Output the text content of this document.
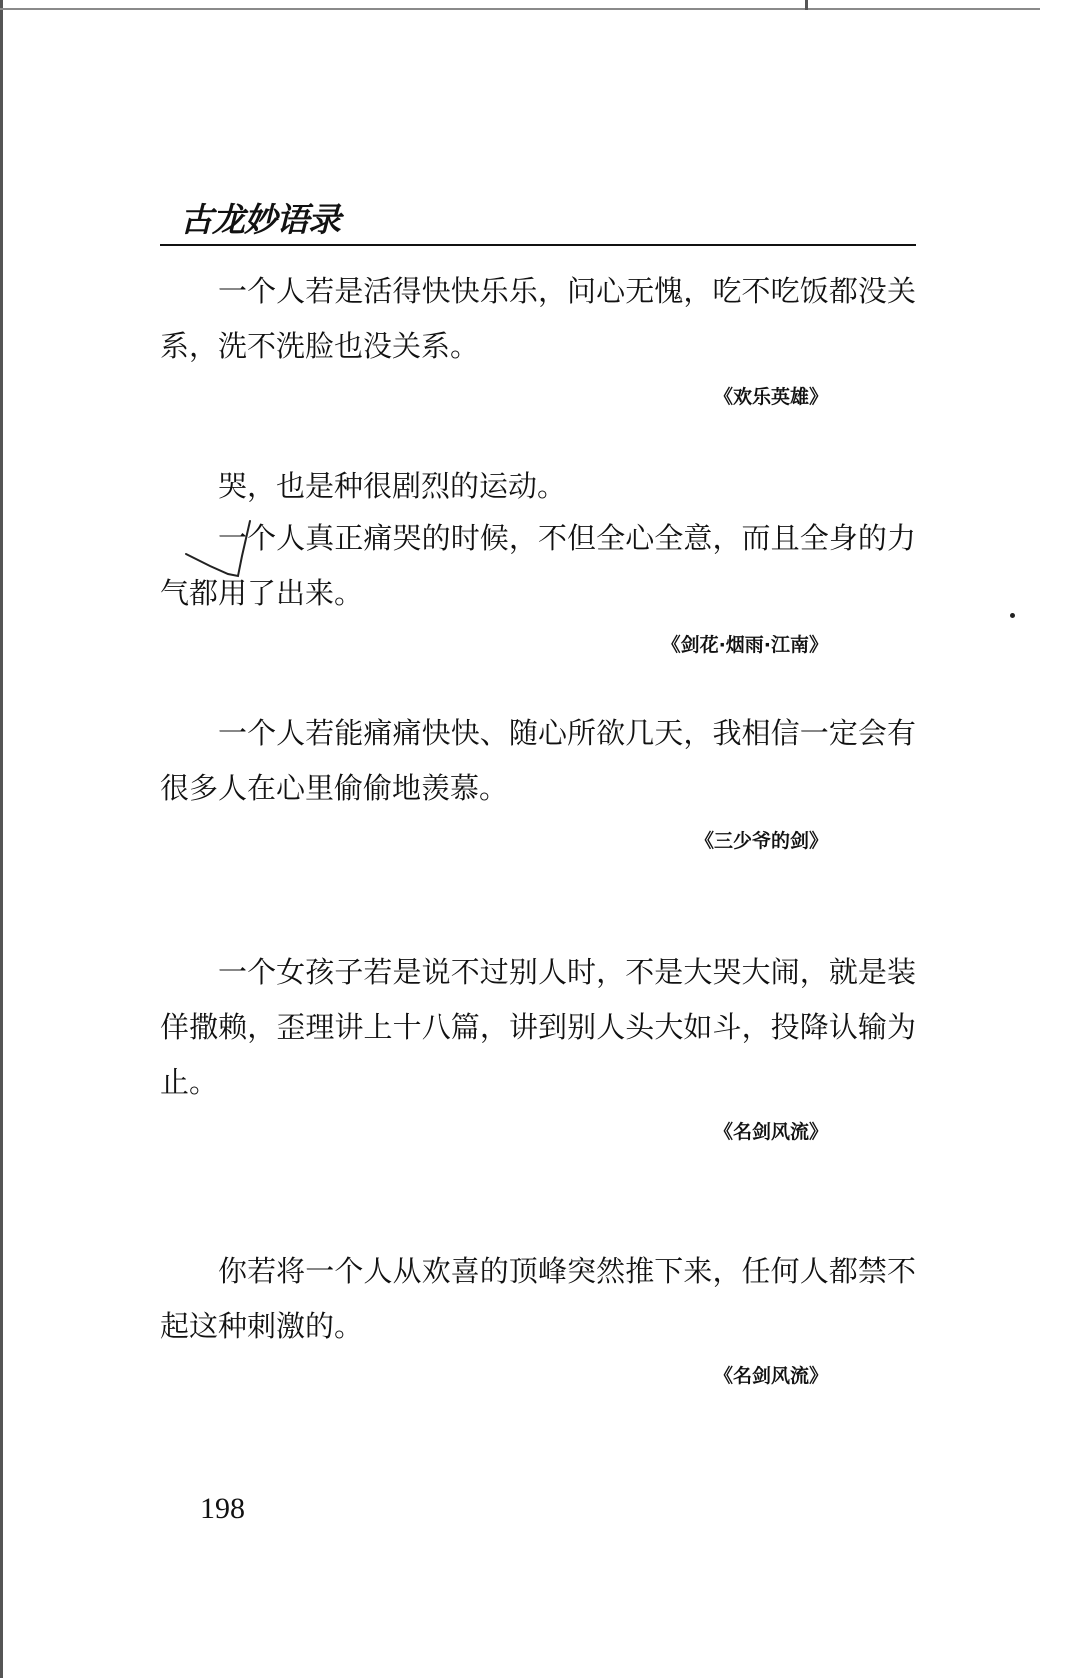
古龙妙语录

一个人若是活得快快乐乐，问心无愧，吃不吃饭都没关系，洗不洗脸也没关系。

《欢乐英雄》

哭，也是种很剧烈的运动。

一个人真正痛哭的时候，不但全心全意，而且全身的力气都用了出来。

《剑花·烟雨·江南》

一个人若能痛痛快快、随心所欲几天，我相信一定会有很多人在心里偷偷地羡慕。

《三少爷的剑》

一个女孩子若是说不过别人时，不是大哭大闹，就是装佯撒赖，歪理讲上十八篇，讲到别人头大如斗，投降认输为止。

《名剑风流》

你若将一个人从欢喜的顶峰突然推下来，任何人都禁不起这种刺激的。

《名剑风流》
198
